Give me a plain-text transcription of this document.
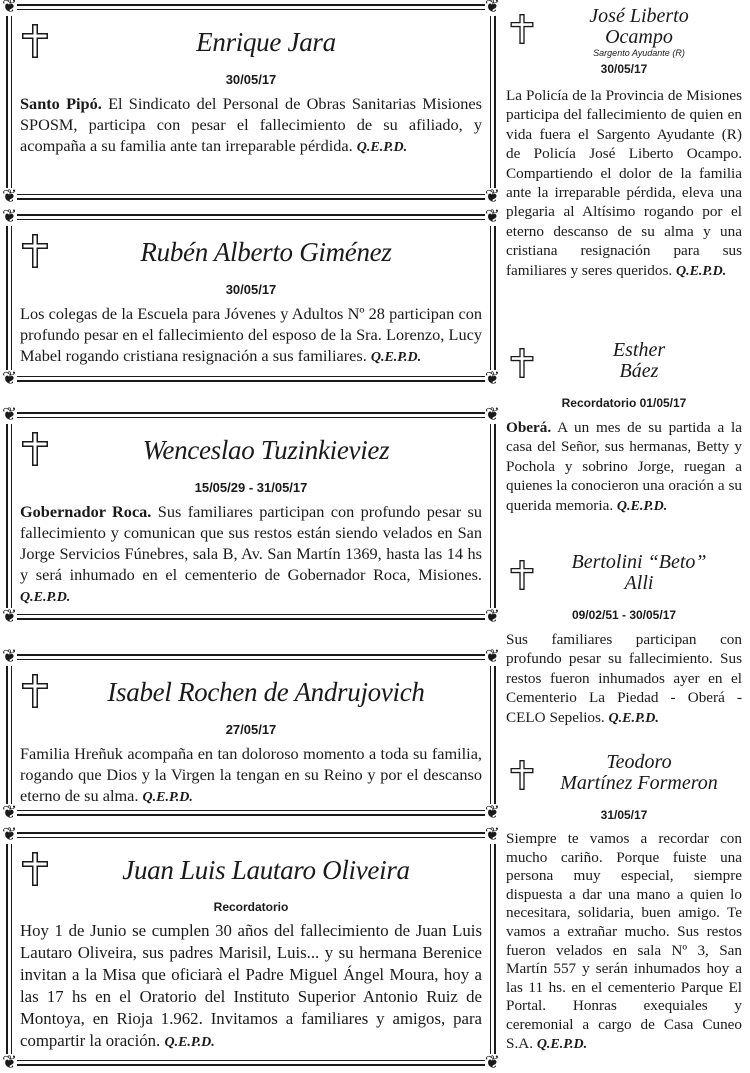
❦	❦
❦	❦
Enrique Jara
30/05/17
Santo Pipó. El Sindicato del Personal de Obras Sanitarias Misiones SPOSM, participa con pesar el fallecimiento de su afiliado, y acompaña a su familia ante tan irreparable pérdida. Q.E.P.D.
❦	❦
❦	❦
Rubén Alberto Giménez
30/05/17
Los colegas de la Escuela para Jóvenes y Adultos Nº 28 participan con profundo pesar en el fallecimiento del esposo de la Sra. Lorenzo, Lucy Mabel rogando cristiana resignación a sus familiares. Q.E.P.D.
❦	❦
❦	❦
Wenceslao Tuzinkieviez
15/05/29 - 31/05/17
Gobernador Roca. Sus familiares participan con profundo pesar su fallecimiento y comunican que sus restos están siendo velados en San Jorge Servicios Fúnebres, sala B, Av. San Martín 1369, hasta las 14 hs y será inhumado en el cementerio de Gobernador Roca, Misiones. Q.E.P.D.
❦	❦
❦	❦
Isabel Rochen de Andrujovich
27/05/17
Familia Hreñuk acompaña en tan doloroso momento a toda su familia, rogando que Dios y la Virgen la tengan en su Reino y por el descanso eterno de su alma. Q.E.P.D.
❦	❦
❦	❦
Juan Luis Lautaro Oliveira
Recordatorio
Hoy 1 de Junio se cumplen 30 años del fallecimiento de Juan Luis Lautaro Oliveira, sus padres Marisil, Luis... y su hermana Berenice invitan a la Misa que oficiarà el Padre Miguel Ángel Moura, hoy a las 17 hs en el Oratorio del Instituto Superior Antonio Ruiz de Montoya, en Rioja 1.962. Invitamos a familiares y amigos, para compartir la oración. Q.E.P.D.
José Liberto
Ocampo
Sargento Ayudante (R)
30/05/17
La Policía de la Provincia de Misiones participa del fallecimiento de quien en vida fuera el Sargento Ayudante (R) de Policía José Liberto Ocampo. Compartiendo el dolor de la familia ante la irreparable pérdida, eleva una plegaria al Altísimo rogando por el eterno descanso de su alma y una cristiana resignación para sus familiares y seres queridos. Q.E.P.D.
Esther
Báez
Recordatorio 01/05/17
Oberá. A un mes de su partida a la casa del Señor, sus hermanas, Betty y Pochola y sobrino Jorge, ruegan a quienes la conocieron una oración a su querida memoria. Q.E.P.D.
Bertolini “Beto”
Alli
09/02/51 - 30/05/17
Sus familiares participan con profundo pesar su fallecimiento. Sus restos fueron inhumados ayer en el Cementerio La Piedad - Oberá - CELO Sepelios. Q.E.P.D.
Teodoro
Martínez Formeron
31/05/17
Siempre te vamos a recordar con mucho cariño. Porque fuiste una persona muy especial, siempre dispuesta a dar una mano a quien lo necesitara, solidaria, buen amigo. Te vamos a extrañar mucho. Sus restos fueron velados en sala Nº 3, San Martín 557 y serán inhumados hoy a las 11 hs. en el cementerio Parque El Portal. Honras exequiales y ceremonial a cargo de Casa Cuneo S.A. Q.E.P.D.
